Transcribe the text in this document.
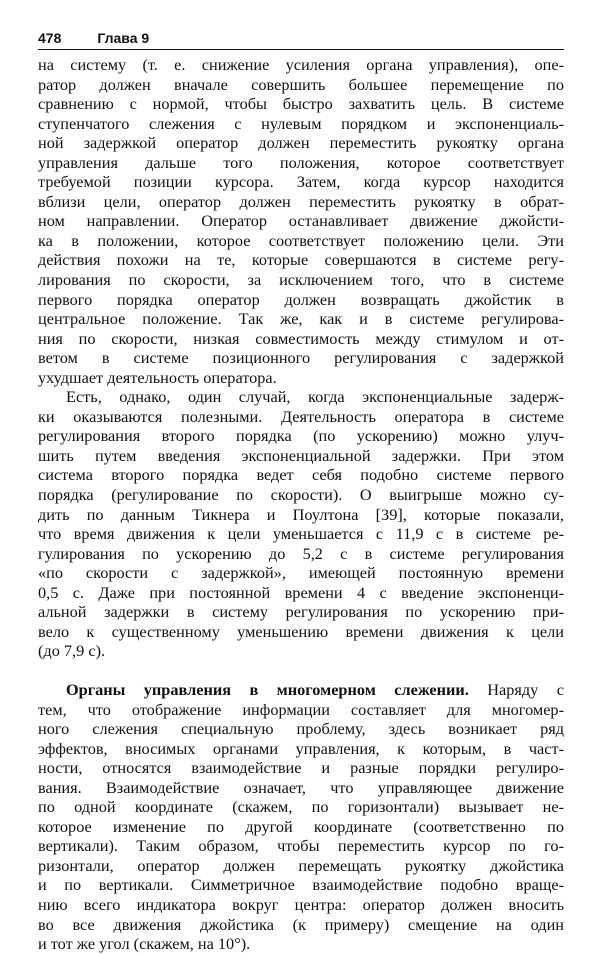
478	Глава 9
на систему (т. е. снижение усиления органа управления), опе-
ратор должен вначале совершить большее перемещение по
сравнению с нормой, чтобы быстро захватить цель. В системе
ступенчатого слежения с нулевым порядком и экспоненциаль-
ной задержкой оператор должен переместить рукоятку органа
управления дальше того положения, которое соответствует
требуемой позиции курсора. Затем, когда курсор находится
вблизи цели, оператор должен переместить рукоятку в обрат-
ном направлении. Оператор останавливает движение джойсти-
ка в положении, которое соответствует положению цели. Эти
действия похожи на те, которые совершаются в системе регу-
лирования по скорости, за исключением того, что в системе
первого порядка оператор должен возвращать джойстик в
центральное положение. Так же, как и в системе регулирова-
ния по скорости, низкая совместимость между стимулом и от-
ветом в системе позиционного регулирования с задержкой
ухудшает деятельность оператора.
Есть, однако, один случай, когда экспоненциальные задерж-
ки оказываются полезными. Деятельность оператора в системе
регулирования второго порядка (по ускорению) можно улуч-
шить путем введения экспоненциальной задержки. При этом
система второго порядка ведет себя подобно системе первого
порядка (регулирование по скорости). О выигрыше можно су-
дить по данным Тикнера и Поултона [39], которые показали,
что время движения к цели уменьшается с 11,9 с в системе ре-
гулирования по ускорению до 5,2 с в системе регулирования
«по скорости с задержкой», имеющей постоянную времени
0,5 с. Даже при постоянной времени 4 с введение экспоненци-
альной задержки в систему регулирования по ускорению при-
вело к существенному уменьшению времени движения к цели
(до 7,9 с).
Органы управления в многомерном слежении. Наряду с
тем, что отображение информации составляет для многомер-
ного слежения специальную проблему, здесь возникает ряд
эффектов, вносимых органами управления, к которым, в част-
ности, относятся взаимодействие и разные порядки регулиро-
вания. Взаимодействие означает, что управляющее движение
по одной координате (скажем, по горизонтали) вызывает не-
которое изменение по другой координате (соответственно по
вертикали). Таким образом, чтобы переместить курсор по го-
ризонтали, оператор должен перемещать рукоятку джойстика
и по вертикали. Симметричное взаимодействие подобно враще-
нию всего индикатора вокруг центра: оператор должен вносить
во все движения джойстика (к примеру) смещение на один
и тот же угол (скажем, на 10°).
